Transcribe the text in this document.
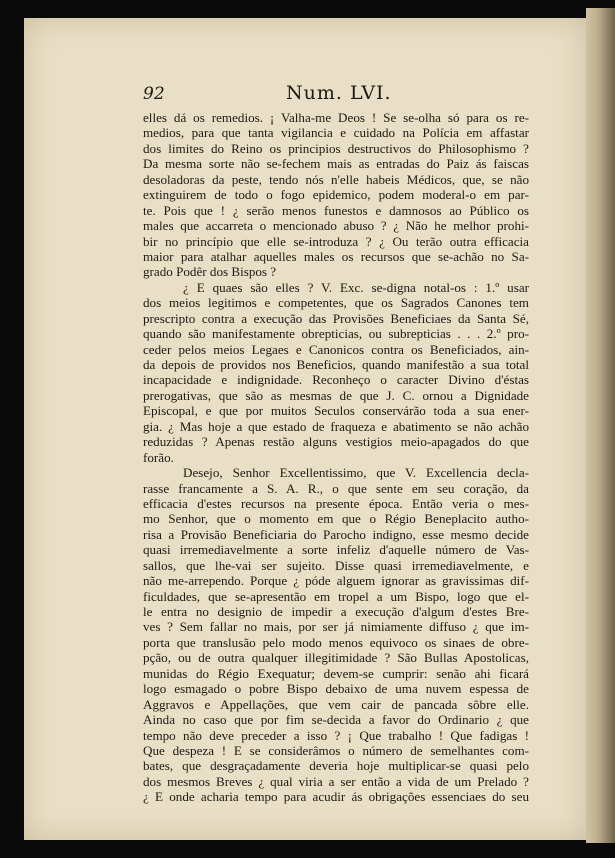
92	Num. LVI.
elles dá os remedios. ¡ Valha-me Deos ! Se se-olha só para os re-
medios, para que tanta vigilancia e cuidado na Polícia em affastar
dos limites do Reino os principios destructivos do Philosophismo ?
Da mesma sorte não se-fechem mais as entradas do Paiz ás faiscas
desoladoras da peste, tendo nós n'elle habeis Médicos, que, se não
extinguirem de todo o fogo epidemico, podem moderal-o em par-
te. Pois que ! ¿ serão menos funestos e damnosos ao Público os
males que accarreta o mencionado abuso ? ¿ Não he melhor prohi-
bir no princípio que elle se-introduza ? ¿ Ou terão outra efficacia
maior para atalhar aquelles males os recursos que se-achão no Sa-
grado Podêr dos Bispos ?
¿ E quaes são elles ? V. Exc. se-digna notal-os : 1.º usar
dos meios legitimos e competentes, que os Sagrados Canones tem
prescripto contra a execução das Provisões Beneficiaes da Santa Sé,
quando são manifestamente obrepticias, ou subrepticias . . . 2.º pro-
ceder pelos meios Legaes e Canonicos contra os Beneficiados, ain-
da depois de providos nos Beneficios, quando manifestão a sua total
incapacidade e indignidade. Reconheço o caracter Divino d'éstas
prerogativas, que são as mesmas de que J. C. ornou a Dignidade
Episcopal, e que por muitos Seculos conservárão toda a sua ener-
gia. ¿ Mas hoje a que estado de fraqueza e abatimento se não achão
reduzidas ? Apenas restão alguns vestigios meio-apagados do que
forão.
Desejo, Senhor Excellentissimo, que V. Excellencia decla-
rasse francamente a S. A. R., o que sente em seu coração, da
efficacia d'estes recursos na presente época. Então veria o mes-
mo Senhor, que o momento em que o Régio Beneplacito autho-
risa a Provisão Beneficiaria do Parocho indigno, esse mesmo decide
quasi irremediavelmente a sorte infeliz d'aquelle número de Vas-
sallos, que lhe-vai ser sujeito. Disse quasi irremediavelmente, e
não me-arrependo. Porque ¿ póde alguem ignorar as gravissimas dif-
ficuldades, que se-apresentão em tropel a um Bispo, logo que el-
le entra no designio de impedir a execução d'algum d'estes Bre-
ves ? Sem fallar no mais, por ser já nimiamente diffuso ¿ que im-
porta que translusão pelo modo menos equivoco os sinaes de obre-
pção, ou de outra qualquer illegitimidade ? São Bullas Apostolicas,
munidas do Régio Exequatur; devem-se cumprir: senão ahi ficará
logo esmagado o pobre Bispo debaixo de uma nuvem espessa de
Aggravos e Appellações, que vem cair de pancada sôbre elle.
Ainda no caso que por fim se-decida a favor do Ordinario ¿ que
tempo não deve preceder a isso ? ¡ Que trabalho ! Que fadigas !
Que despeza ! E se considerâmos o número de semelhantes com-
bates, que desgraçadamente deveria hoje multiplicar-se quasi pelo
dos mesmos Breves ¿ qual viria a ser então a vida de um Prelado ?
¿ E onde acharia tempo para acudir ás obrigações essenciaes do seu
